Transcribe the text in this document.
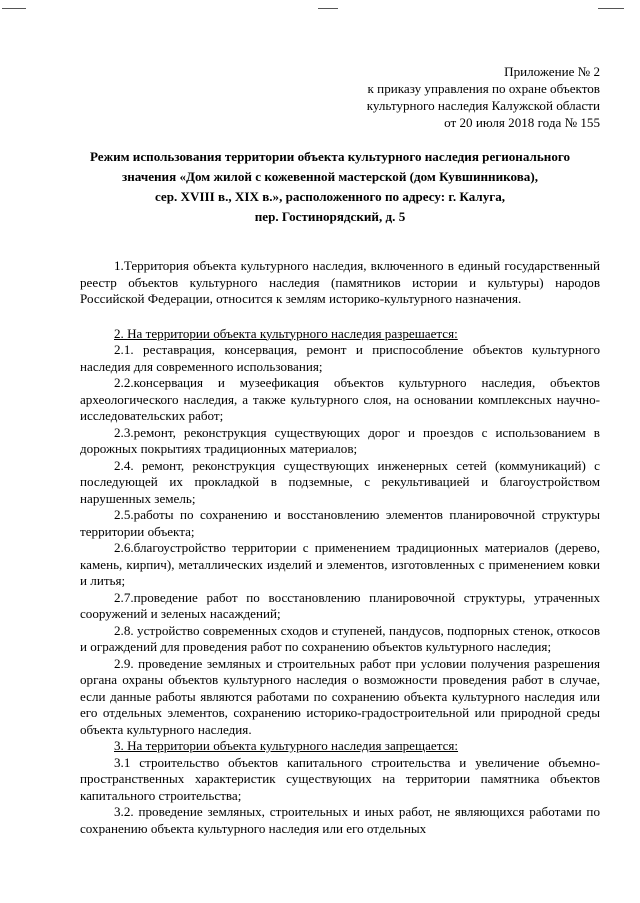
Приложение № 2
к приказу управления по охране объектов
культурного наследия Калужской области
от 20 июля 2018 года № 155
Режим использования территории объекта культурного наследия регионального
значения «Дом жилой с кожевенной мастерской (дом Кувшинникова),
сер. XVIII в., XIX в.», расположенного по адресу: г. Калуга,
пер. Гостинорядский, д. 5
1.Территория объекта культурного наследия, включенного в единый государственный реестр объектов культурного наследия (памятников истории и культуры) народов Российской Федерации, относится к землям историко-культурного назначения.
2. На территории объекта культурного наследия разрешается:
2.1. реставрация, консервация, ремонт и приспособление объектов культурного наследия для современного использования;
2.2.консервация и музеефикация объектов культурного наследия, объектов археологического наследия, а также культурного слоя, на основании комплексных научно-исследовательских работ;
2.3.ремонт, реконструкция существующих дорог и проездов с использованием в дорожных покрытиях традиционных материалов;
2.4. ремонт, реконструкция существующих инженерных сетей (коммуникаций) с последующей их прокладкой в подземные, с рекультивацией и благоустройством нарушенных земель;
2.5.работы по сохранению и восстановлению элементов планировочной структуры территории объекта;
2.6.благоустройство территории с применением традиционных материалов (дерево, камень, кирпич), металлических изделий и элементов, изготовленных с применением ковки и литья;
2.7.проведение работ по восстановлению планировочной структуры, утраченных сооружений и зеленых насаждений;
2.8. устройство современных сходов и ступеней, пандусов, подпорных стенок, откосов и ограждений для проведения работ по сохранению объектов культурного наследия;
2.9. проведение земляных и строительных работ при условии получения разрешения органа охраны объектов культурного наследия о возможности проведения работ в случае, если данные работы являются работами по сохранению объекта культурного наследия или его отдельных элементов, сохранению историко-градостроительной или природной среды объекта культурного наследия.
3. На территории объекта культурного наследия запрещается:
3.1 строительство объектов капитального строительства и увеличение объемно-пространственных характеристик существующих на территории памятника объектов капитального строительства;
3.2. проведение земляных, строительных и иных работ, не являющихся работами по сохранению объекта культурного наследия или его отдельных
